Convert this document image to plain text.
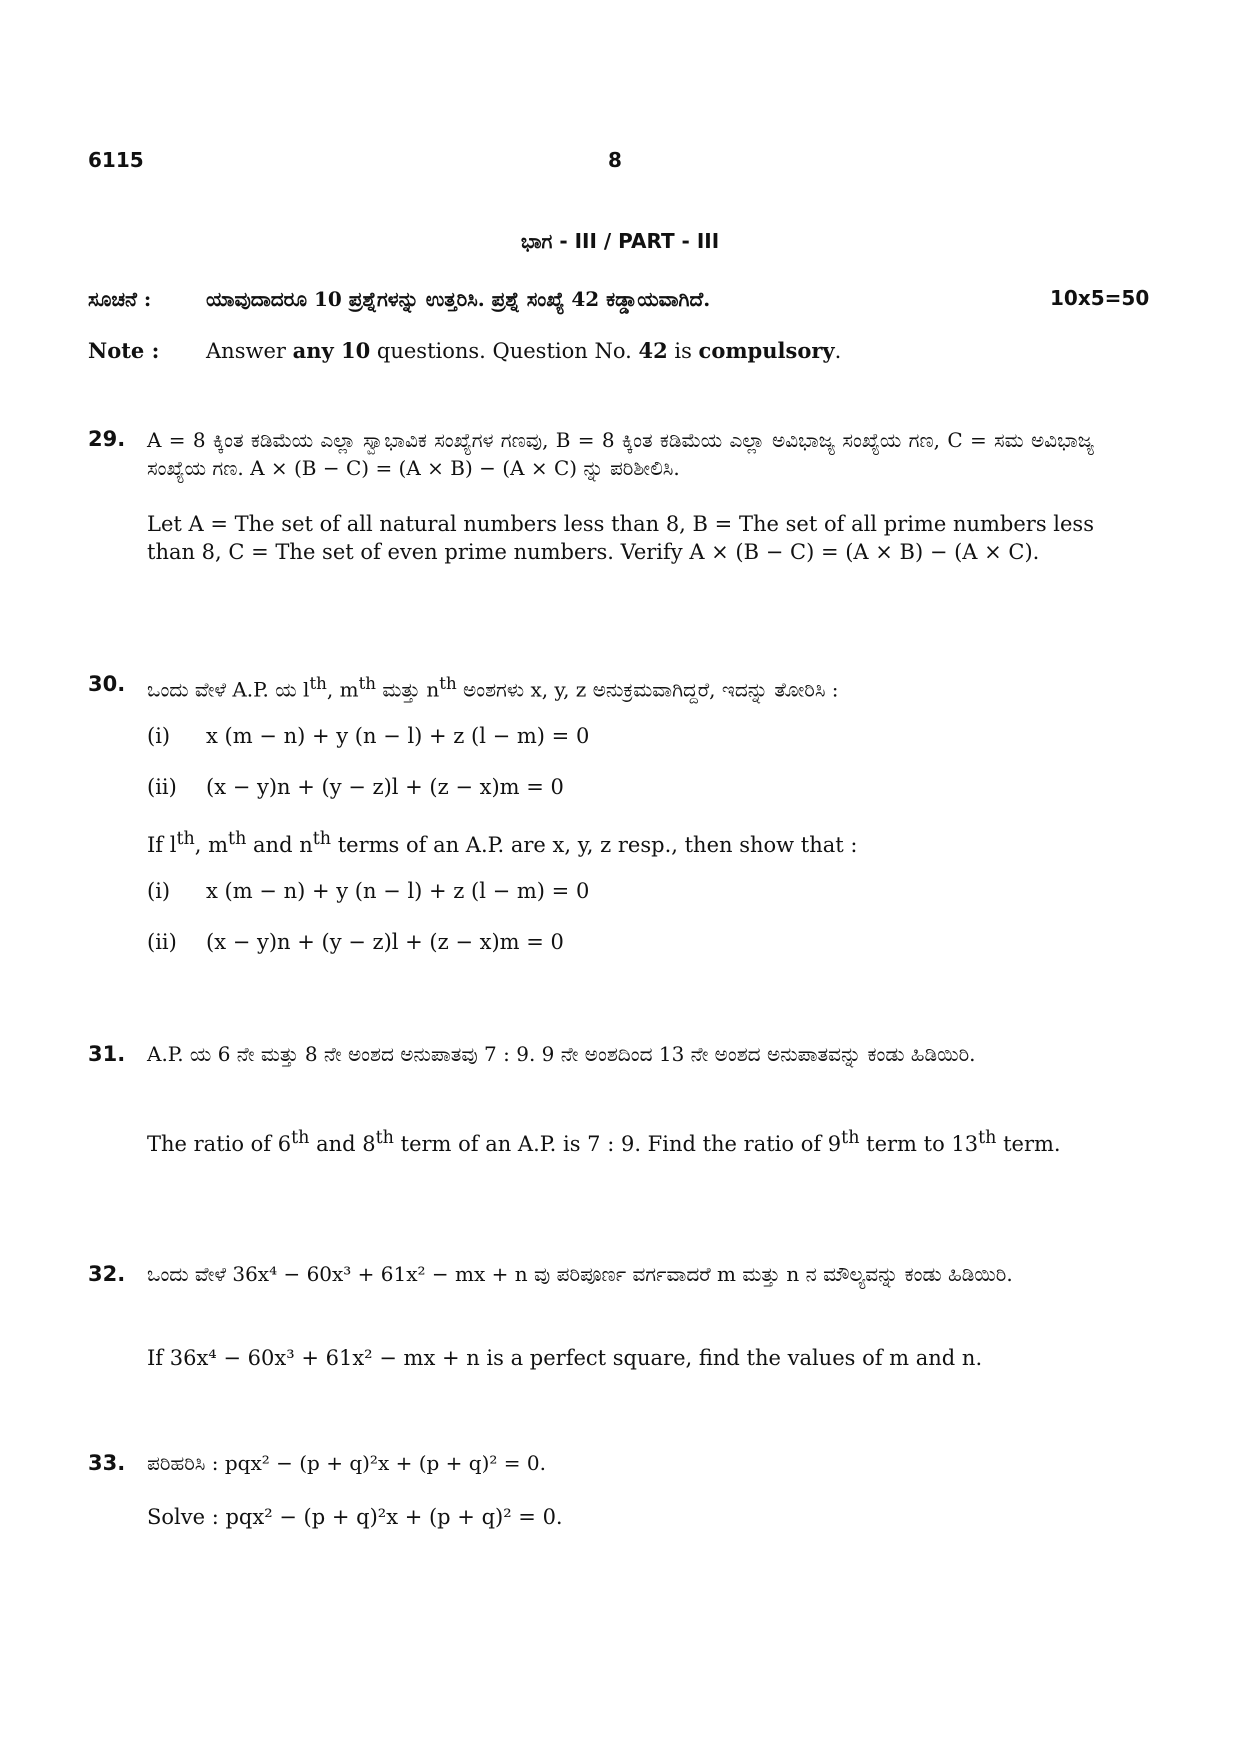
6115	8
ಭಾಗ - III / PART - III
ಸೂಚನೆ :	ಯಾವುದಾದರೂ 10 ಪ್ರಶ್ನೆಗಳನ್ನು ಉತ್ತರಿಸಿ. ಪ್ರಶ್ನೆ ಸಂಖ್ಯೆ 42 ಕಡ್ಡಾಯವಾಗಿದೆ.	10x5=50
Note : Answer any 10 questions. Question No. 42 is compulsory.
29. A = 8 ಕ್ಕಿಂತ ಕಡಿಮೆಯ ಎಲ್ಲಾ ಸ್ವಾಭಾವಿಕ ಸಂಖ್ಯೆಗಳ ಗಣವು, B = 8 ಕ್ಕಿಂತ ಕಡಿಮೆಯ ಎಲ್ಲಾ ಅವಿಭಾಜ್ಯ ಸಂಖ್ಯೆಯ ಗಣ, C = ಸಮ ಅವಿಭಾಜ್ಯ ಸಂಖ್ಯೆಯ ಗಣ. A × (B − C) = (A × B) − (A × C) ನ್ನು ಪರಿಶೀಲಿಸಿ.
Let A = The set of all natural numbers less than 8, B = The set of all prime numbers less than 8, C = The set of even prime numbers. Verify A × (B − C) = (A × B) − (A × C).
30. ಒಂದು ವೇಳೆ A.P. ಯ $l^{th}$, $m^{th}$ ಮತ್ತು $n^{th}$ ಅಂಶಗಳು x, y, z ಅನುಕ್ರಮವಾಗಿದ್ದರೆ, ಇದನ್ನು ತೋರಿಸಿ :
(i) x (m − n) + y (n − l) + z (l − m) = 0
(ii) (x − y)n + (y − z)l + (z − x)m = 0
If $l^{th}$, $m^{th}$ and $n^{th}$ terms of an A.P. are x, y, z resp., then show that :
(i) x (m − n) + y (n − l) + z (l − m) = 0
(ii) (x − y)n + (y − z)l + (z − x)m = 0
31. A.P. ಯ 6 ನೇ ಮತ್ತು 8 ನೇ ಅಂಶದ ಅನುಪಾತವು 7 : 9. 9 ನೇ ಅಂಶದಿಂದ 13 ನೇ ಅಂಶದ ಅನುಪಾತವನ್ನು ಕಂಡು ಹಿಡಿಯಿರಿ.
The ratio of 6th and 8th term of an A.P. is 7 : 9. Find the ratio of 9th term to 13th term.
32. ಒಂದು ವೇಳೆ 36x⁴ − 60x³ + 61x² − mx + n ವು ಪರಿಪೂರ್ಣ ವರ್ಗವಾದರೆ m ಮತ್ತು n ನ ಮೌಲ್ಯವನ್ನು ಕಂಡು ಹಿಡಿಯಿರಿ.
If 36x⁴ − 60x³ + 61x² − mx + n is a perfect square, find the values of m and n.
33. ಪರಿಹರಿಸಿ : pqx² − (p + q)²x + (p + q)² = 0.
Solve : pqx² − (p + q)²x + (p + q)² = 0.
